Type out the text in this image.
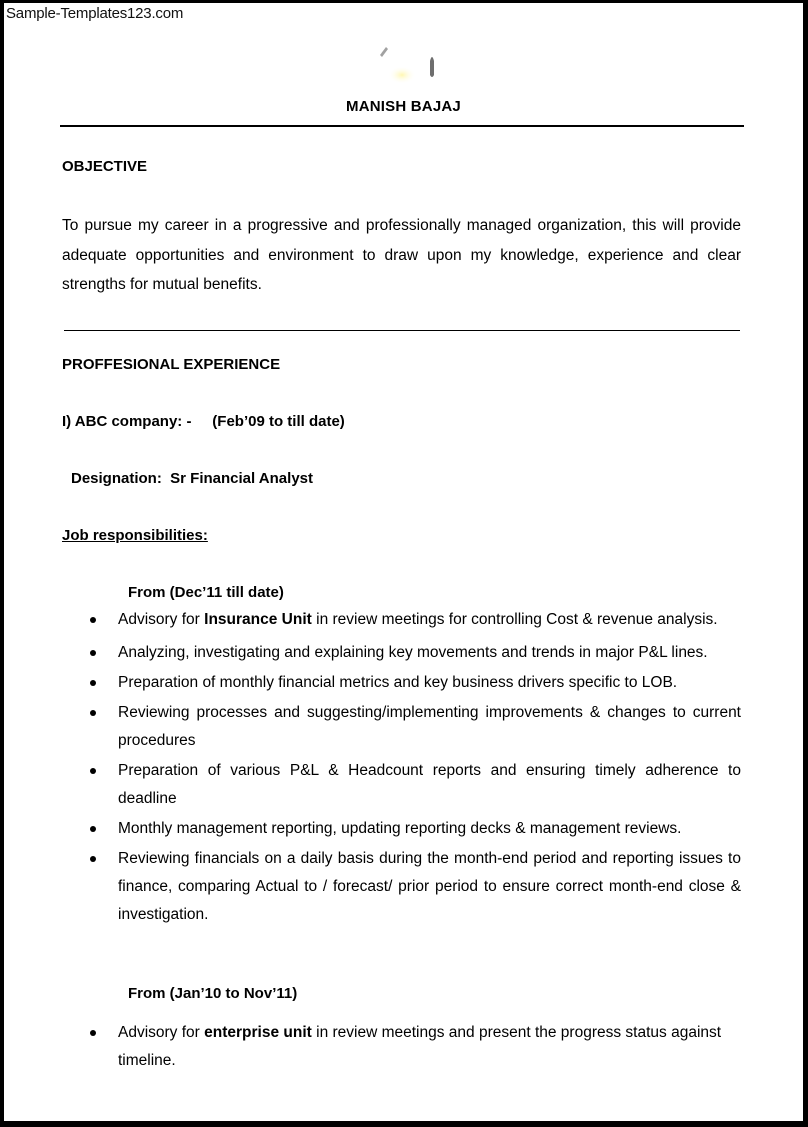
Sample-Templates123.com
MANISH BAJAJ
OBJECTIVE
To pursue my career in a progressive and professionally managed organization, this will provide adequate opportunities and environment to draw upon my knowledge, experience and clear strengths for mutual benefits.
PROFFESIONAL EXPERIENCE
I) ABC company: -     (Feb’09 to till date)
Designation:  Sr Financial Analyst
Job responsibilities:
From (Dec’11 till date)
Advisory for Insurance Unit in review meetings for controlling Cost & revenue analysis.
Analyzing, investigating and explaining key movements and trends in major P&L lines.
Preparation of monthly financial metrics and key business drivers specific to LOB.
Reviewing processes and suggesting/implementing improvements & changes to current procedures
Preparation of various P&L & Headcount reports and ensuring timely adherence to deadline
Monthly management reporting, updating reporting decks & management reviews.
Reviewing financials on a daily basis during the month-end period and reporting issues to finance, comparing Actual to / forecast/ prior period to ensure correct month-end close & investigation.
From (Jan’10 to Nov’11)
Advisory for enterprise unit in review meetings and present the progress status against timeline.
